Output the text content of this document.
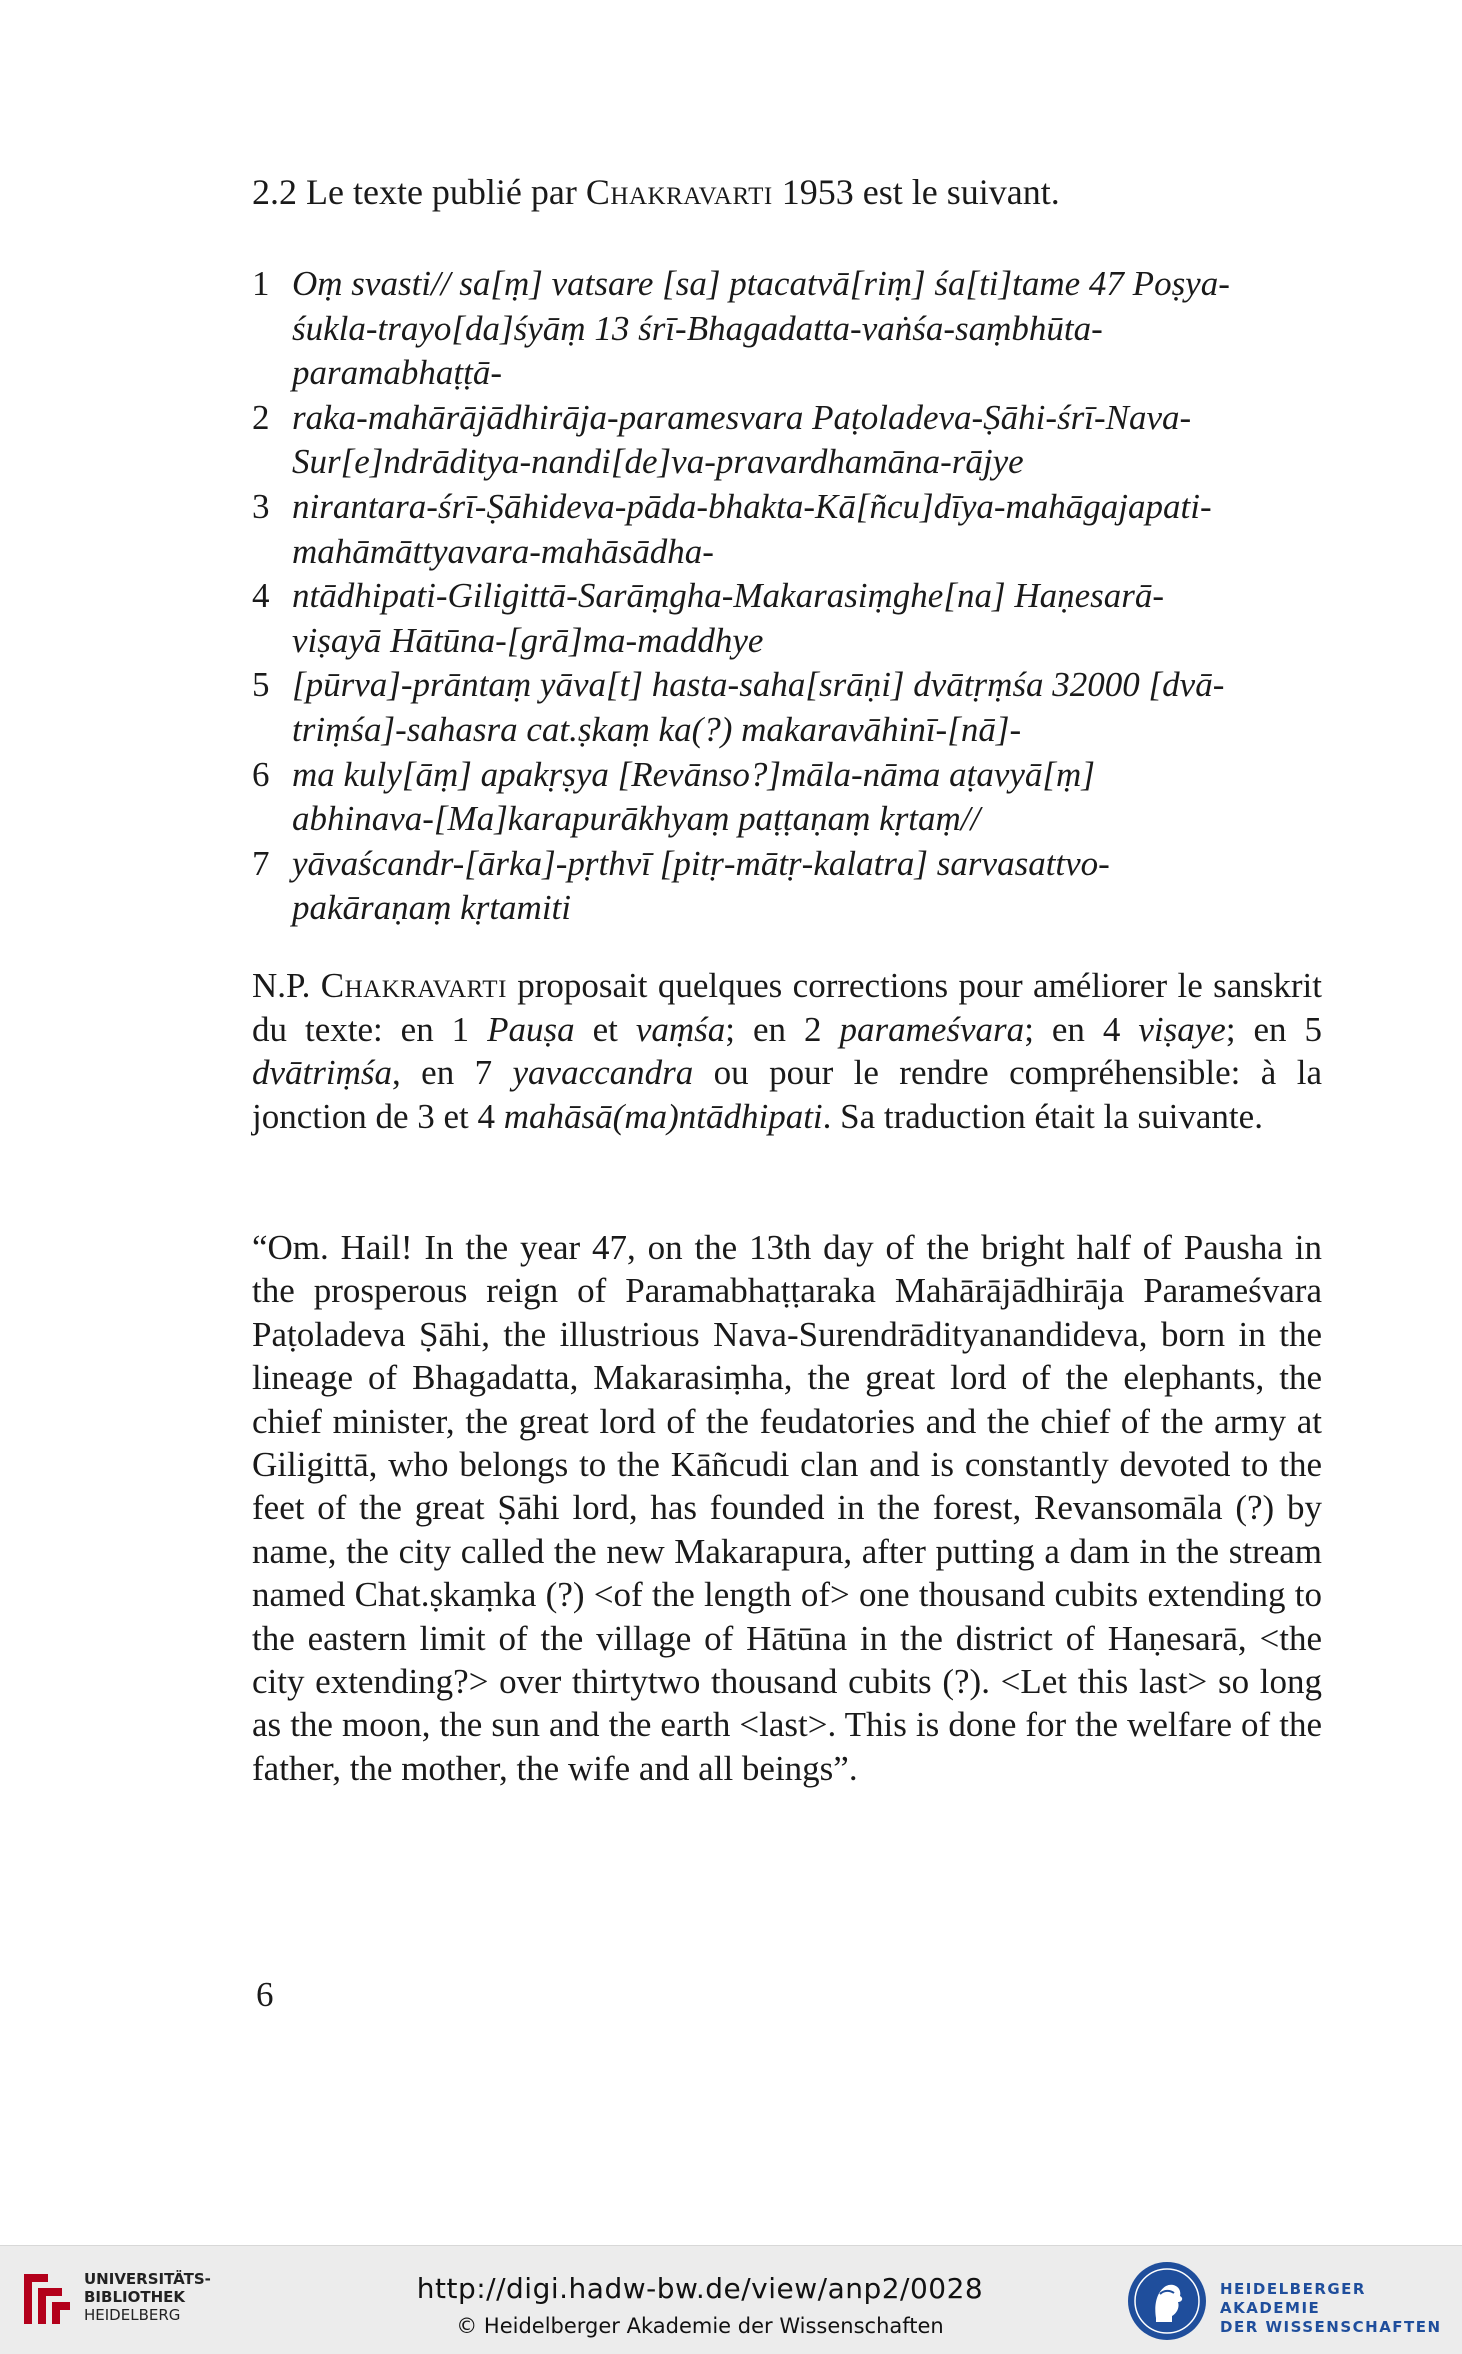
2.2 Le texte publié par Chakravarti 1953 est le suivant.
1 Oṃ svasti// sa[ṃ] vatsare [sa] ptacatvā[riṃ] śa[ti]tame 47 Poṣya-
śukla-trayo[da]śyāṃ 13 śrī-Bhagadatta-vaṅśa-saṃbhūta-
paramabhaṭṭā-
2 raka-mahārājādhirāja-paramesvara Paṭoladeva-Ṣāhi-śrī-Nava-
Sur[e]ndrāditya-nandi[de]va-pravardhamāna-rājye
3 nirantara-śrī-Ṣāhideva-pāda-bhakta-Kā[ñcu]dīya-mahāgajapati-
mahāmāttyavara-mahāsādha-
4 ntādhipati-Giligittā-Sarāṃgha-Makarasiṃghe[na] Haṇesarā-
viṣayā Hātūna-[grā]ma-maddhye
5 [pūrva]-prāntaṃ yāva[t] hasta-saha[srāṇi] dvātṛṃśa 32000 [dvā-
triṃśa]-sahasra cat.ṣkaṃ ka(?) makaravāhinī-[nā]-
6 ma kuly[āṃ] apakṛṣya [Revānso?]māla-nāma aṭavyā[ṃ]
abhinava-[Ma]karapurākhyaṃ paṭṭaṇaṃ kṛtaṃ//
7 yāvaścandr-[ārka]-pṛthvī [pitṛ-mātṛ-kalatra] sarvasattvo-
pakāraṇaṃ kṛtamiti
N.P. Chakravarti proposait quelques corrections pour améliorer le sanskrit du texte: en 1 Pauṣa et vaṃśa; en 2 parameśvara; en 4 viṣaye; en 5 dvātriṃśa, en 7 yavaccandra ou pour le rendre compréhensible: à la jonction de 3 et 4 mahāsā(ma)ntādhipati. Sa traduction était la suivante.
“Om. Hail! In the year 47, on the 13th day of the bright half of Pausha in the prosperous reign of Paramabhaṭṭaraka Mahārājādhirāja Parameśvara Paṭoladeva Ṣāhi, the illustrious Nava-Surendrādityanandideva, born in the lineage of Bhagadatta, Makarasiṃha, the great lord of the elephants, the chief minister, the great lord of the feudatories and the chief of the army at Giligittā, who belongs to the Kāñcudi clan and is constantly devoted to the feet of the great Ṣāhi lord, has founded in the forest, Revansomāla (?) by name, the city called the new Makarapura, after putting a dam in the stream named Chat.ṣkaṃka (?) <of the length of> one thousand cubits extending to the eastern limit of the village of Hātūna in the district of Haṇesarā, <the city extending?> over thirtytwo thousand cubits (?). <Let this last> so long as the moon, the sun and the earth <last>. This is done for the welfare of the father, the mother, the wife and all beings”.
6
UNIVERSITÄTS-
BIBLIOTHEK
HEIDELBERG
http://digi.hadw-bw.de/view/anp2/0028
© Heidelberger Akademie der Wissenschaften
HEIDELBERGER AKADEMIE
DER WISSENSCHAFTEN
